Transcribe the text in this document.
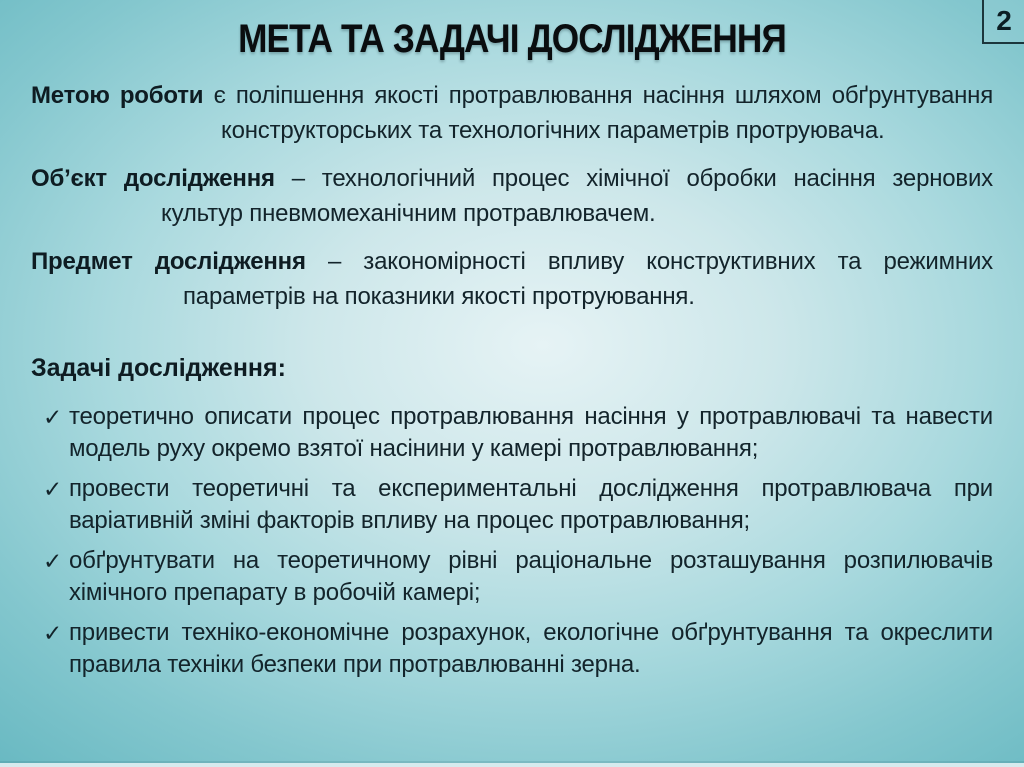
2
МЕТА ТА ЗАДАЧІ ДОСЛІДЖЕННЯ

Метою роботи є поліпшення якості протравлювання насіння шляхом обґрунтування конструкторських та технологічних параметрів протруювача.

Об’єкт дослідження – технологічний процес хімічної обробки насіння зернових культур пневмомеханічним протравлювачем.

Предмет дослідження – закономірності впливу конструктивних та режимних параметрів на показники якості протруювання.

Задачі дослідження:
✓ теоретично описати процес протравлювання насіння у протравлювачі та навести модель руху окремо взятої насінини у камері протравлювання;
✓ провести теоретичні та експериментальні дослідження протравлювача при варіативній зміні факторів впливу на процес протравлювання;
✓ обґрунтувати на теоретичному рівні раціональне розташування розпилювачів хімічного препарату в робочій камері;
✓ привести техніко-економічне розрахунок, екологічне обґрунтування та окреслити правила техніки безпеки при протравлюванні зерна.
